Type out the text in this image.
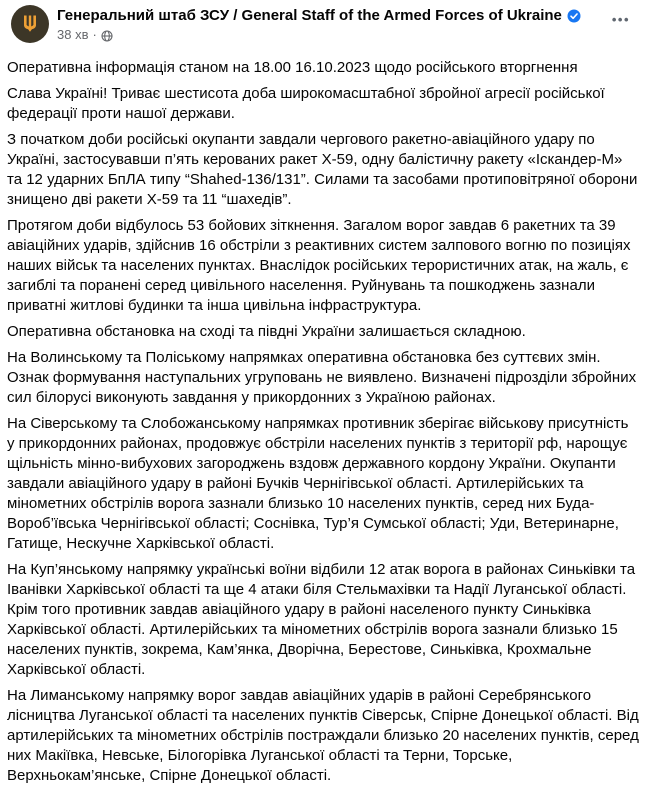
Генеральний штаб ЗСУ / General Staff of the Armed Forces of Ukraine
38 хв ·
•••

Оперативна інформація станом на 18.00 16.10.2023 щодо російського вторгнення

Слава Україні! Триває шестисота доба широкомасштабної збройної агресії російської федерації проти нашої держави.

З початком доби російські окупанти завдали чергового ракетно-авіаційного удару по Україні, застосувавши п’ять керованих ракет Х-59, одну балістичну ракету «Іскандер-М» та 12 ударних БпЛА типу “Shahed-136/131”. Силами та засобами протиповітряної оборони знищено дві ракети Х-59 та 11 “шахедів”.

Протягом доби відбулось 53 бойових зіткнення. Загалом ворог завдав 6 ракетних та 39 авіаційних ударів, здійснив 16 обстріли з реактивних систем залпового вогню по позиціях наших військ та населених пунктах. Внаслідок російських терористичних атак, на жаль, є загиблі та поранені серед цивільного населення. Руйнувань та пошкоджень зазнали приватні житлові будинки та інша цивільна інфраструктура.

Оперативна обстановка на сході та півдні України залишається складною.

На Волинському та Поліському напрямках оперативна обстановка без суттєвих змін. Ознак формування наступальних угруповань не виявлено. Визначені підрозділи збройних сил білорусі виконують завдання у прикордонних з Україною районах.

На Сіверському та Слобожанському напрямках противник зберігає військову присутність у прикордонних районах, продовжує обстріли населених пунктів з території рф, нарощує щільність мінно-вибухових загороджень вздовж державного кордону України. Окупанти завдали авіаційного удару в районі Бучків Чернігівської області. Артилерійських та мінометних обстрілів ворога зазнали близько 10 населених пунктів, серед них Буда-Вороб’ївська Чернігівської області; Соснівка, Тур’я Сумської області; Уди, Ветеринарне, Гатище, Нескучне Харківської області.

На Куп’янському напрямку українські воїни відбили 12 атак ворога в районах Синьківки та Іванівки Харківської області та ще 4 атаки біля Стельмахівки та Надії Луганської області. Крім того противник завдав авіаційного удару в районі населеного пункту Синьківка Харківської області. Артилерійських та мінометних обстрілів ворога зазнали близько 15 населених пунктів, зокрема, Кам’янка, Дворічна, Берестове, Синьківка, Крохмальне Харківської області.

На Лиманському напрямку ворог завдав авіаційних ударів в районі Серебрянського лісництва Луганської області та населених пунктів Сіверськ, Спірне Донецької області. Від артилерійських та мінометних обстрілів постраждали близько 20 населених пунктів, серед них Макіївка, Невське, Білогорівка Луганської області та Терни, Торське, Верхньокам’янське, Спірне Донецької області.
